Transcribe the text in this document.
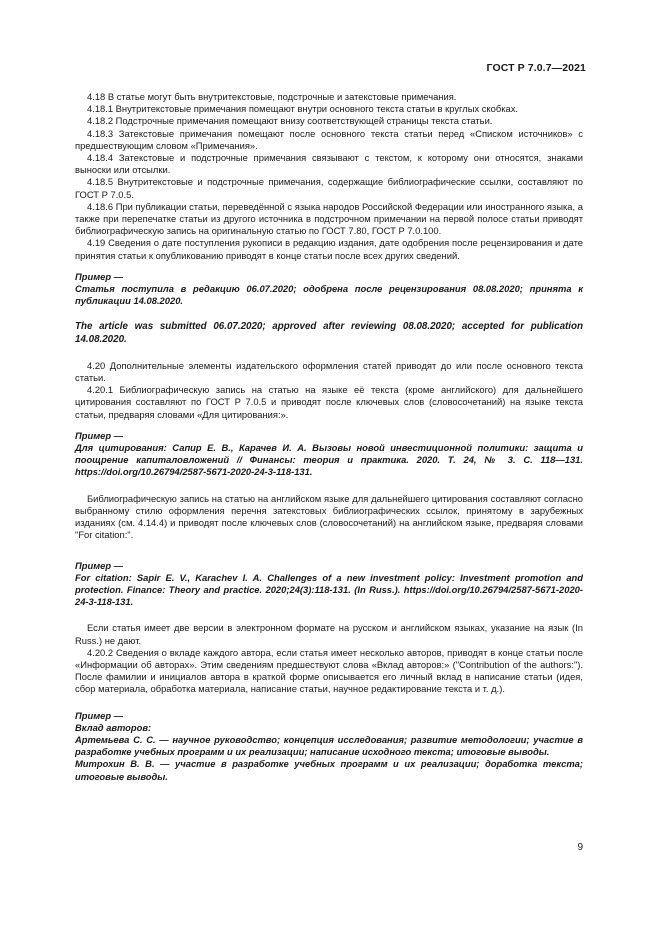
ГОСТ Р 7.0.7—2021

4.18 В статье могут быть внутритекстовые, подстрочные и затекстовые примечания.

4.18.1 Внутритекстовые примечания помещают внутри основного текста статьи в круглых скобках.

4.18.2 Подстрочные примечания помещают внизу соответствующей страницы текста статьи.

4.18.3 Затекстовые примечания помещают после основного текста статьи перед «Списком источников» с предшествующим словом «Примечания».

4.18.4 Затекстовые и подстрочные примечания связывают с текстом, к которому они относятся, знаками выноски или отсылки.

4.18.5 Внутритекстовые и подстрочные примечания, содержащие библиографические ссылки, составляют по ГОСТ Р 7.0.5.

4.18.6 При публикации статьи, переведённой с языка народов Российской Федерации или иностранного языка, а также при перепечатке статьи из другого источника в подстрочном примечании на первой полосе статьи приводят библиографическую запись на оригинальную статью по ГОСТ 7.80, ГОСТ Р 7.0.100.

4.19 Сведения о дате поступления рукописи в редакцию издания, дате одобрения после рецензирования и дате принятия статьи к опубликованию приводят в конце статьи после всех других сведений.

Пример —

Статья поступила в редакцию 06.07.2020; одобрена после рецензирования 08.08.2020; принята к публикации 14.08.2020.

The article was submitted 06.07.2020; approved after reviewing 08.08.2020; accepted for publication 14.08.2020.

4.20 Дополнительные элементы издательского оформления статей приводят до или после основного текста статьи.

4.20.1 Библиографическую запись на статью на языке её текста (кроме английского) для дальнейшего цитирования составляют по ГОСТ Р 7.0.5 и приводят после ключевых слов (словосочетаний) на языке текста статьи, предваряя словами «Для цитирования:».

Пример —

Для цитирования: Сапир Е. В., Карачев И. А. Вызовы новой инвестиционной политики: защита и поощрение капиталовложений // Финансы: теория и практика. 2020. Т. 24, № 3. С. 118—131. https://doi.org/10.26794/2587-5671-2020-24-3-118-131.

Библиографическую запись на статью на английском языке для дальнейшего цитирования составляют согласно выбранному стилю оформления перечня затекстовых библиографических ссылок, принятому в зарубежных изданиях (см. 4.14.4) и приводят после ключевых слов (словосочетаний) на английском языке, предваряя словами "For citation:".

Пример —

For citation: Sapir E. V., Karachev I. A. Challenges of a new investment policy: Investment promotion and protection. Finance: Theory and practice. 2020;24(3):118-131. (In Russ.). https://doi.org/10.26794/2587-5671-2020-24-3-118-131.

Если статья имеет две версии в электронном формате на русском и английском языках, указание на язык (In Russ.) не дают.

4.20.2 Сведения о вкладе каждого автора, если статья имеет несколько авторов, приводят в конце статьи после «Информации об авторах». Этим сведениям предшествуют слова «Вклад авторов:» ("Contribution of the authors:"). После фамилии и инициалов автора в краткой форме описывается его личный вклад в написание статьи (идея, сбор материала, обработка материала, написание статьи, научное редактирование текста и т. д.).

Пример —

Вклад авторов:

Артемьева С. С. — научное руководство; концепция исследования; развитие методологии; участие в разработке учебных программ и их реализации; написание исходного текста; итоговые выводы.

Митрохин В. В. — участие в разработке учебных программ и их реализации; доработка текста; итоговые выводы.

9
